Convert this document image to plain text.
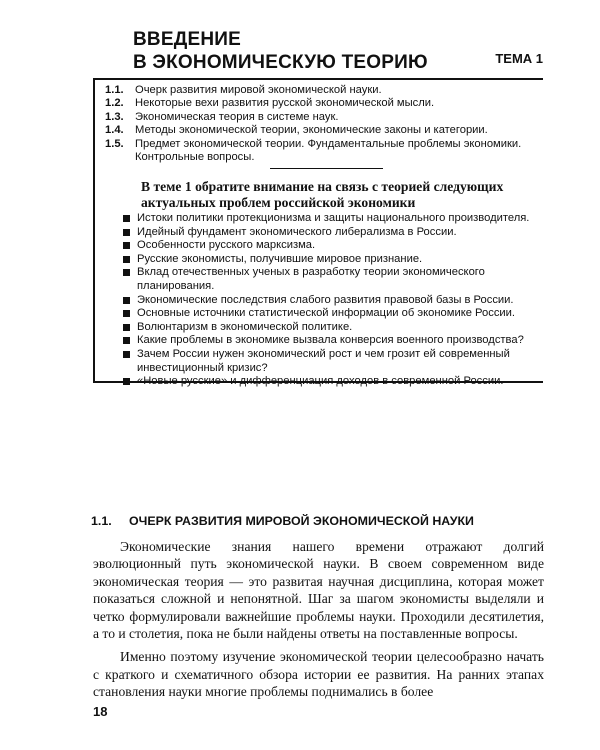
ВВЕДЕНИЕ
В ЭКОНОМИЧЕСКУЮ ТЕОРИЮ	ТЕМА 1
1.1.	Очерк развития мировой экономической науки.
1.2.	Некоторые вехи развития русской экономической мысли.
1.3.	Экономическая теория в системе наук.
1.4.	Методы экономической теории, экономические законы и категории.
1.5.	Предмет экономической теории. Фундаментальные проблемы экономики. Контрольные вопросы.
В теме 1 обратите внимание на связь с теорией следующих актуальных проблем российской экономики
Истоки политики протекционизма и защиты национального производителя.
Идейный фундамент экономического либерализма в России.
Особенности русского марксизма.
Русские экономисты, получившие мировое признание.
Вклад отечественных ученых в разработку теории экономического планирования.
Экономические последствия слабого развития правовой базы в России.
Основные источники статистической информации об экономике России.
Волюнтаризм в экономической политике.
Какие проблемы в экономике вызвала конверсия военного производства?
Зачем России нужен экономический рост и чем грозит ей современный инвестиционный кризис?
«Новые русские» и дифференциация доходов в современной России.
1.1. ОЧЕРК РАЗВИТИЯ МИРОВОЙ ЭКОНОМИЧЕСКОЙ НАУКИ

Экономические знания нашего времени отражают долгий эволюционный путь экономической науки. В своем современном виде экономическая теория — это развитая научная дисциплина, которая может показаться сложной и непонятной. Шаг за шагом экономисты выделяли и четко формулировали важнейшие проблемы науки. Проходили десятилетия, а то и столетия, пока не были найдены ответы на поставленные вопросы.

Именно поэтому изучение экономической теории целесообразно начать с краткого и схематичного обзора истории ее развития. На ранних этапах становления науки многие проблемы поднимались в более

18
